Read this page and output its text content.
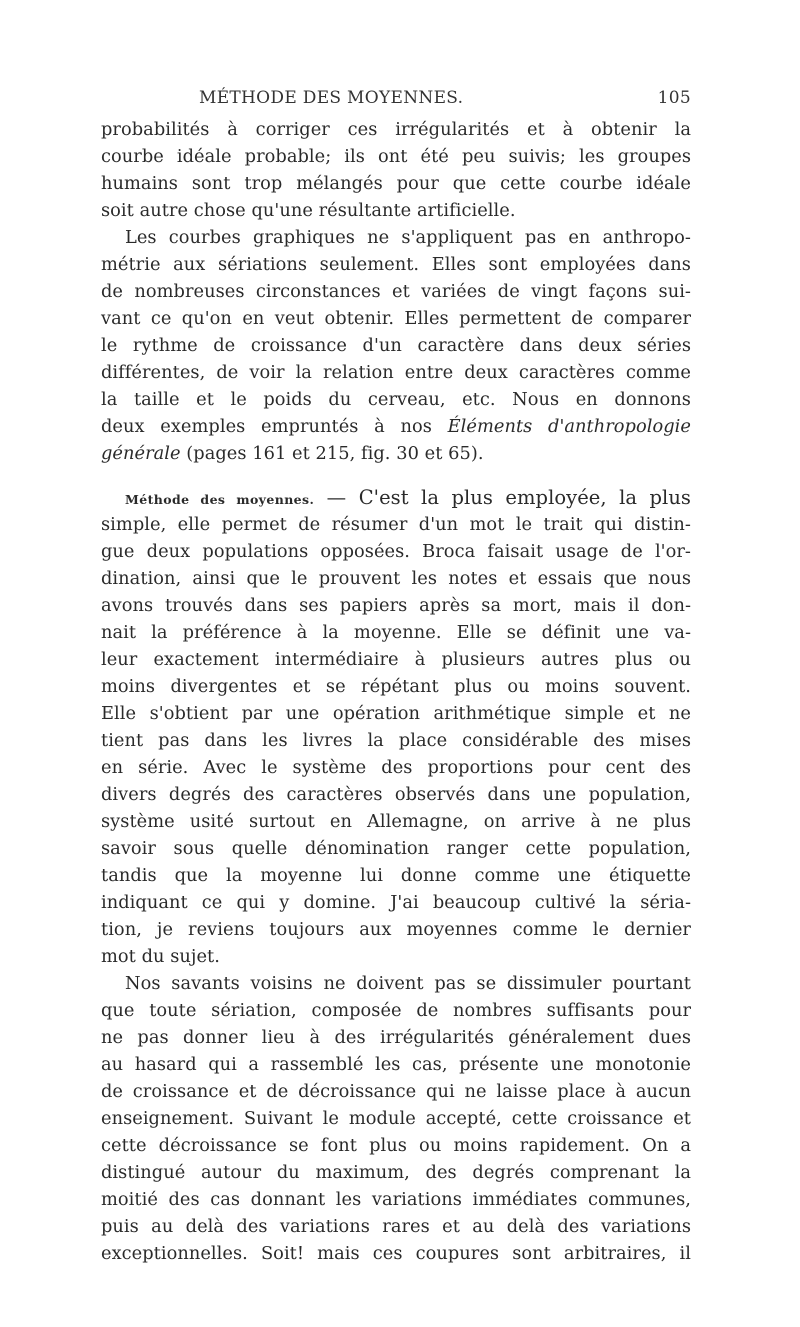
MÉTHODE DES MOYENNES.	105
probabilités à corriger ces irrégularités et à obtenir la
courbe idéale probable; ils ont été peu suivis; les groupes
humains sont trop mélangés pour que cette courbe idéale
soit autre chose qu'une résultante artificielle.
Les courbes graphiques ne s'appliquent pas en anthropo-
métrie aux sériations seulement. Elles sont employées dans
de nombreuses circonstances et variées de vingt façons sui-
vant ce qu'on en veut obtenir. Elles permettent de comparer
le rythme de croissance d'un caractère dans deux séries
différentes, de voir la relation entre deux caractères comme
la taille et le poids du cerveau, etc. Nous en donnons
deux exemples empruntés à nos Éléments d'anthropologie
générale (pages 161 et 215, fig. 30 et 65).
Méthode des moyennes. — C'est la plus employée, la plus
simple, elle permet de résumer d'un mot le trait qui distin-
gue deux populations opposées. Broca faisait usage de l'or-
dination, ainsi que le prouvent les notes et essais que nous
avons trouvés dans ses papiers après sa mort, mais il don-
nait la préférence à la moyenne. Elle se définit une va-
leur exactement intermédiaire à plusieurs autres plus ou
moins divergentes et se répétant plus ou moins souvent.
Elle s'obtient par une opération arithmétique simple et ne
tient pas dans les livres la place considérable des mises
en série. Avec le système des proportions pour cent des
divers degrés des caractères observés dans une population,
système usité surtout en Allemagne, on arrive à ne plus
savoir sous quelle dénomination ranger cette population,
tandis que la moyenne lui donne comme une étiquette
indiquant ce qui y domine. J'ai beaucoup cultivé la séria-
tion, je reviens toujours aux moyennes comme le dernier
mot du sujet.
Nos savants voisins ne doivent pas se dissimuler pourtant
que toute sériation, composée de nombres suffisants pour
ne pas donner lieu à des irrégularités généralement dues
au hasard qui a rassemblé les cas, présente une monotonie
de croissance et de décroissance qui ne laisse place à aucun
enseignement. Suivant le module accepté, cette croissance et
cette décroissance se font plus ou moins rapidement. On a
distingué autour du maximum, des degrés comprenant la
moitié des cas donnant les variations immédiates communes,
puis au delà des variations rares et au delà des variations
exceptionnelles. Soit! mais ces coupures sont arbitraires, il
